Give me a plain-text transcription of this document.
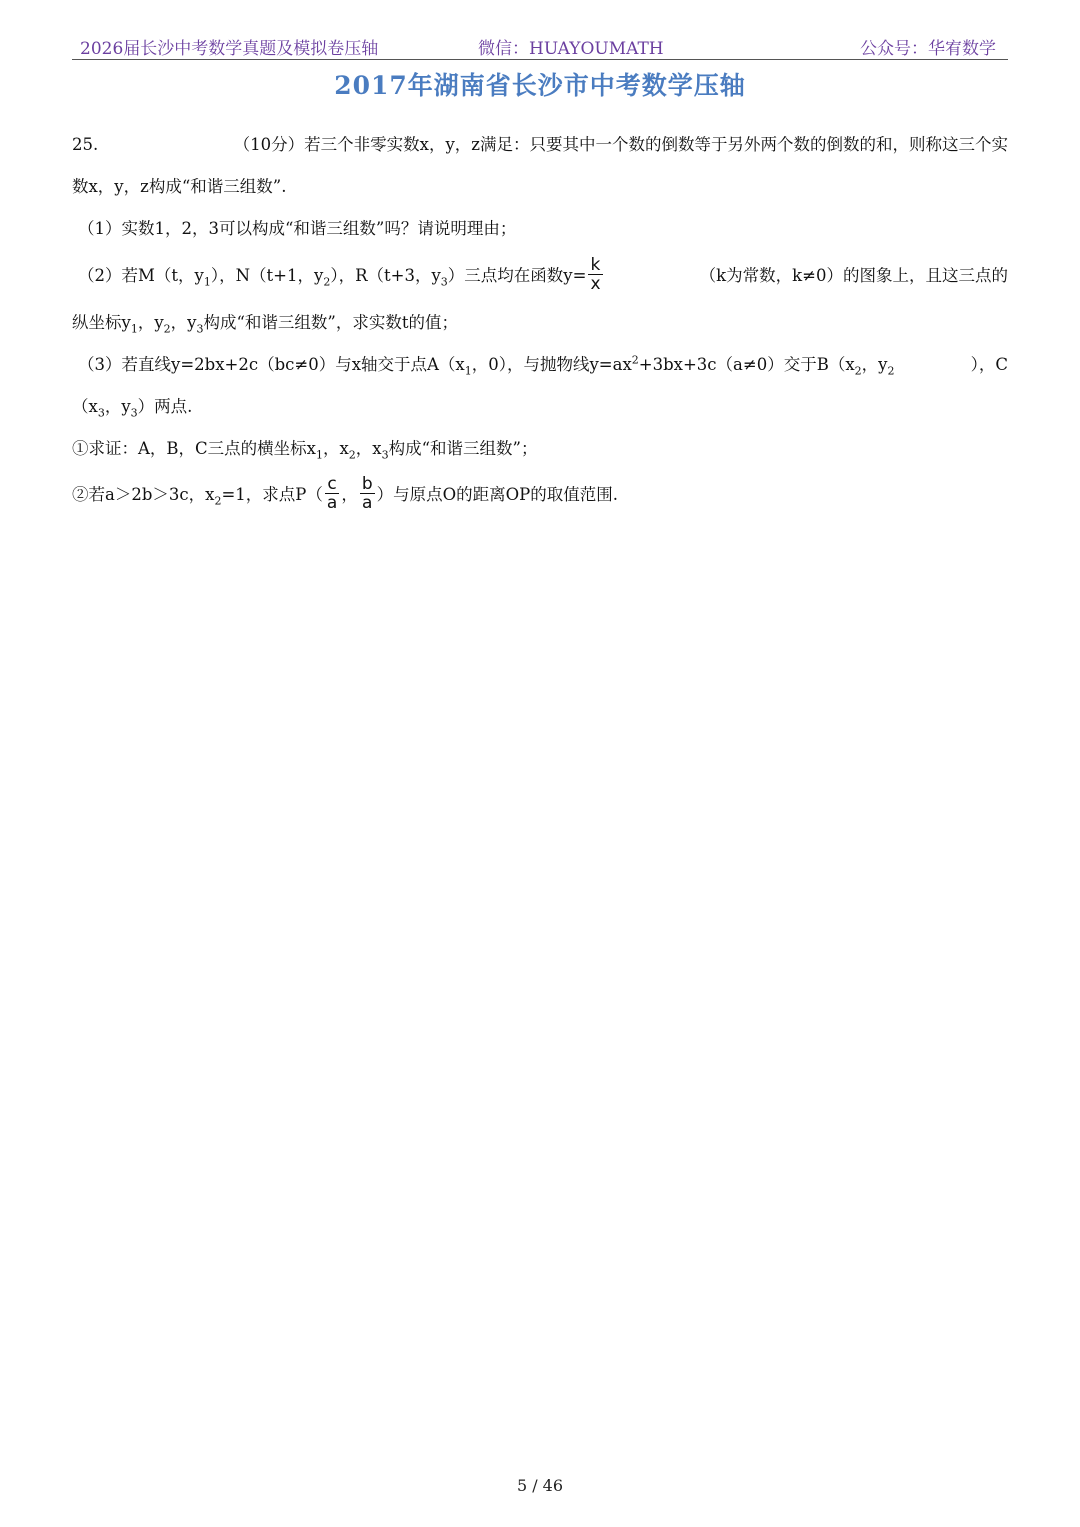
2026届长沙中考数学真题及模拟卷压轴	微信：HUAYOUMATH	公众号：华宥数学
2017年湖南省长沙市中考数学压轴
25.	（10分）若三个非零实数x，y，z满足：只要其中一个数的倒数等于另外两个数的倒数的和，则称这三个实
数x，y，z构成“和谐三组数”.
（1）实数1，2，3可以构成“和谐三组数”吗？请说明理由；
（2）若M（t，$y_1$），N（t+1，$y_2$），R（t+3，$y_3$）三点均在函数$y= \frac{k}{x}$	（k为常数，k≠0）的图象上，且这三点的
纵坐标$y_1$，$y_2$，$y_3$构成“和谐三组数”，求实数t的值；
（3）若直线y=2bx+2c（bc≠0）与x轴交于点$A(x_1$，0），与抛物线$y=ax^2+3bx+3c(a\ne 0)$交于$B(x_2$，$y_2$	），C
（$x_3$，$y_3$）两点.
①求证：A，B，C三点的横坐标$x_1$，$x_2$，$x_3$构成“和谐三组数”；
②若a＞2b＞3c，$x_2=1$，求点$P( \frac{c}{a}$ ， $\frac{b}{a}$ ）与原点O的距离OP的取值范围.
5 / 46
